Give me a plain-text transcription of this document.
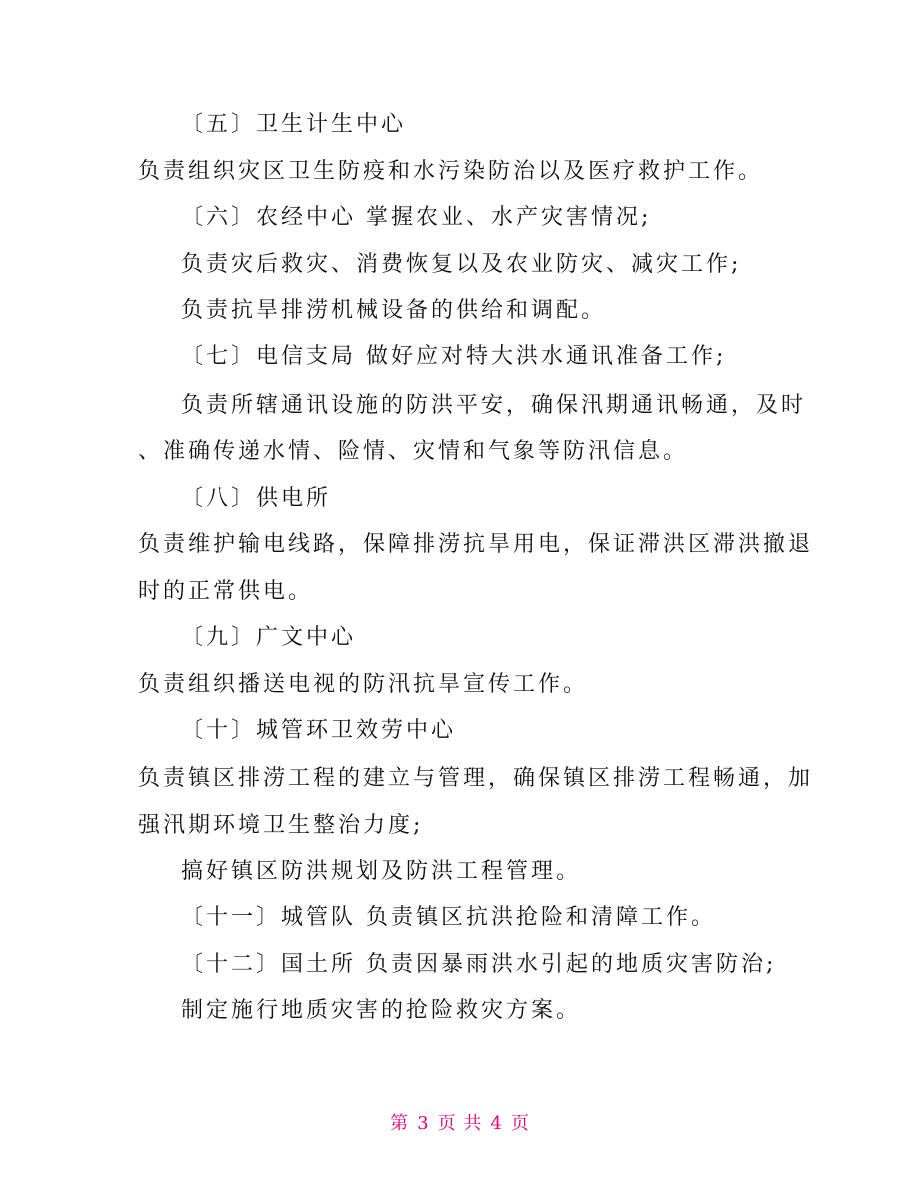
〔五〕卫生计生中心
负责组织灾区卫生防疫和水污染防治以及医疗救护工作。
〔六〕农经中心 掌握农业、水产灾害情况;
负责灾后救灾、消费恢复以及农业防灾、减灾工作;
负责抗旱排涝机械设备的供给和调配。
〔七〕电信支局 做好应对特大洪水通讯准备工作;
负责所辖通讯设施的防洪平安，确保汛期通讯畅通，及时
、准确传递水情、险情、灾情和气象等防汛信息。
〔八〕供电所
负责维护输电线路，保障排涝抗旱用电，保证滞洪区滞洪撤退
时的正常供电。
〔九〕广文中心
负责组织播送电视的防汛抗旱宣传工作。
〔十〕城管环卫效劳中心
负责镇区排涝工程的建立与管理，确保镇区排涝工程畅通，加
强汛期环境卫生整治力度;
搞好镇区防洪规划及防洪工程管理。
〔十一〕城管队 负责镇区抗洪抢险和清障工作。
〔十二〕国土所 负责因暴雨洪水引起的地质灾害防治;
制定施行地质灾害的抢险救灾方案。
第 3 页 共 4 页
